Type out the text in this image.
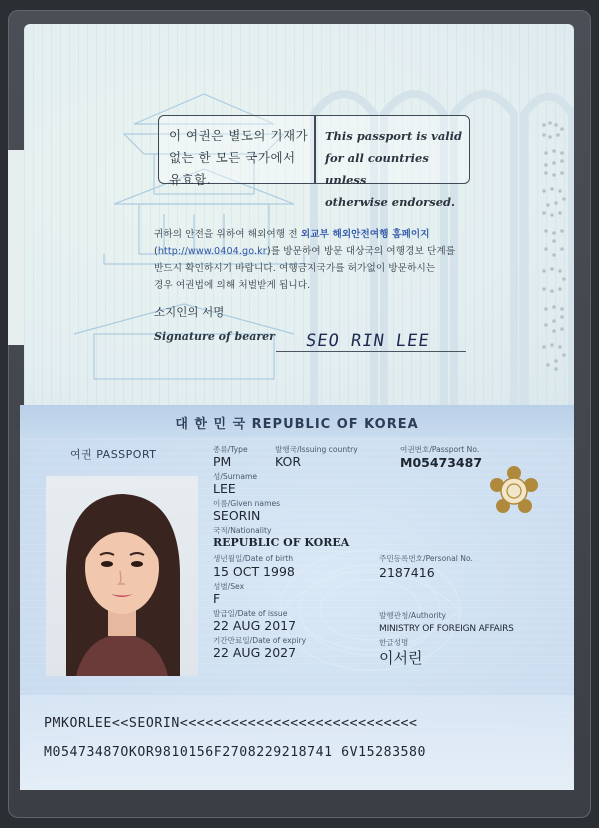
이 여권은 별도의 기재가
없는 한 모든 국가에서
유효함.
This passport is valid
for all countries unless
otherwise endorsed.
귀하의 안전을 위하여 해외여행 전 외교부 해외안전여행 홈페이지
(http://www.0404.go.kr)를 방문하여 방문 대상국의 여행경보 단계를
반드시 확인하시기 바랍니다. 여행금지국가를 허가없이 방문하시는
경우 여권법에 의해 처벌받게 됩니다.
소지인의 서명
Signature of bearer SEO RIN LEE
대 한 민 국 REPUBLIC OF KOREA
여권 PASSPORT	종류/Type
PM
발행국/Issuing country
KOR
여권번호/Passport No.
M05473487
성/Surname
LEE
이름/Given names
SEORIN
국적/Nationality
REPUBLIC OF KOREA
생년월일/Date of birth
15 OCT 1998
주민등록번호/Personal No.
2187416
성별/Sex
F
발급일/Date of issue
22 AUG 2017
발행관청/Authority
MINISTRY OF FOREIGN AFFAIRS
기간만료일/Date of expiry
22 AUG 2027
한글성명
이서린
PMKORLEE<<SEORIN<<<<<<<<<<<<<<<<<<<<<<<<<<<<
M05473487OKOR9810156F2708229218741 6V15283580
